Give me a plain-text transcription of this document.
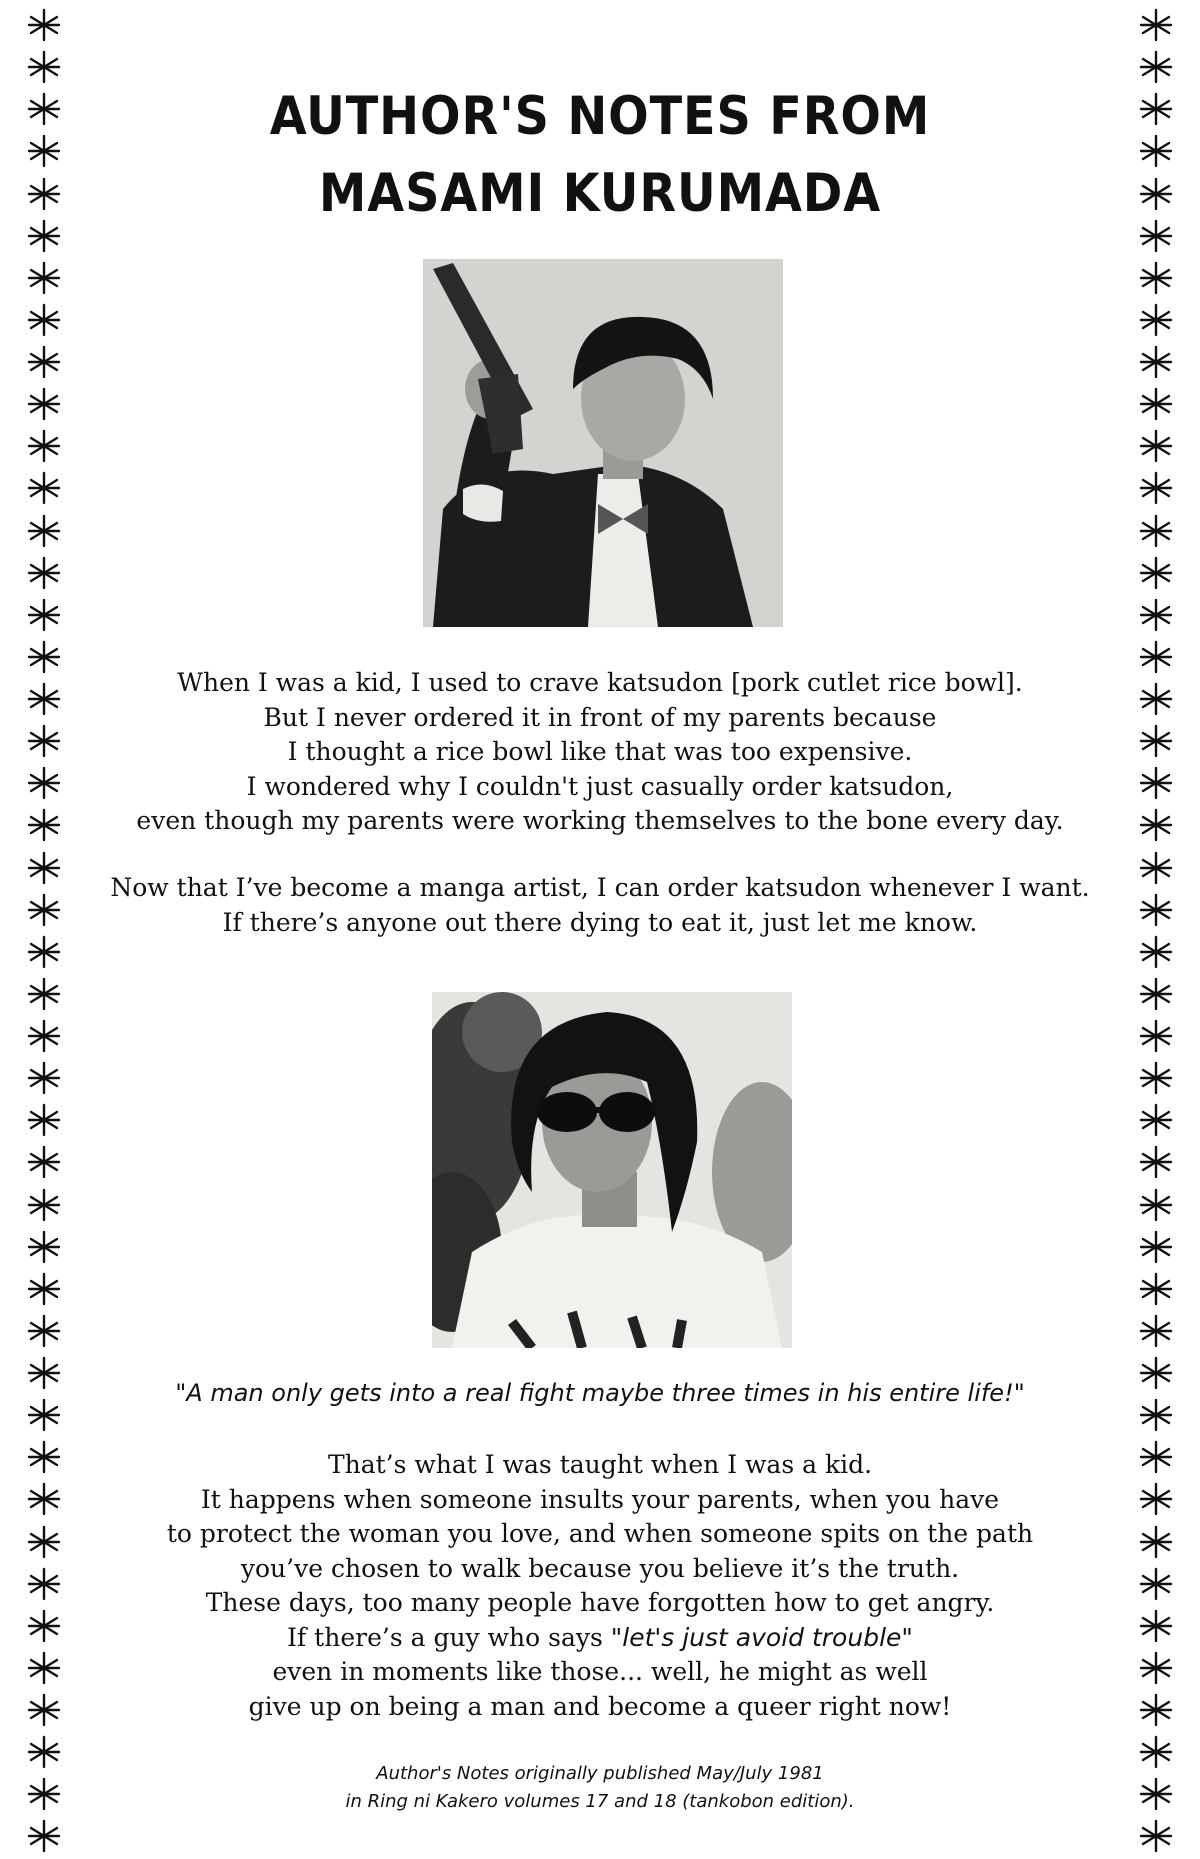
AUTHOR'S NOTES FROM
MASAMI KURUMADA
When I was a kid, I used to crave katsudon [pork cutlet rice bowl].
But I never ordered it in front of my parents because
I thought a rice bowl like that was too expensive.
I wondered why I couldn't just casually order katsudon,
even though my parents were working themselves to the bone every day.
Now that I’ve become a manga artist, I can order katsudon whenever I want.
If there’s anyone out there dying to eat it, just let me know.
"A man only gets into a real fight maybe three times in his entire life!"
That’s what I was taught when I was a kid.
It happens when someone insults your parents, when you have
to protect the woman you love, and when someone spits on the path
you’ve chosen to walk because you believe it’s the truth.
These days, too many people have forgotten how to get angry.
If there’s a guy who says "let's just avoid trouble"
even in moments like those... well, he might as well
give up on being a man and become a queer right now!
Author's Notes originally published May/July 1981
in Ring ni Kakero volumes 17 and 18 (tankobon edition).
